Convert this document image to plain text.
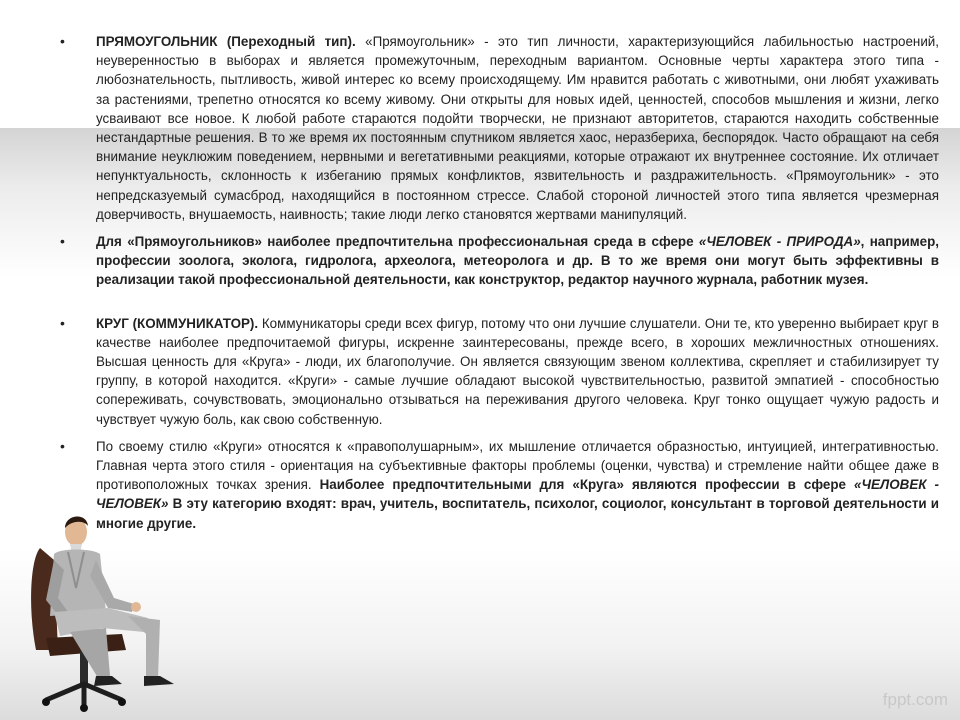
• ПРЯМОУГОЛЬНИК (Переходный тип). «Прямоугольник» - это тип личности, характеризующийся лабильностью настроений, неуверенностью в выборах и является промежуточным, переходным вариантом. Основные черты характера этого типа - любознательность, пытливость, живой интерес ко всему происходящему. Им нравится работать с животными, они любят ухаживать за растениями, трепетно относятся ко всему живому. Они открыты для новых идей, ценностей, способов мышления и жизни, легко усваивают все новое. К любой работе стараются подойти творчески, не признают авторитетов, стараются находить собственные нестандартные решения. В то же время их постоянным спутником является хаос, неразбериха, беспорядок. Часто обращают на себя внимание неуклюжим поведением, нервными и вегетативными реакциями, которые отражают их внутреннее состояние. Их отличает непунктуальность, склонность к избеганию прямых конфликтов, язвительность и раздражительность. «Прямоугольник» - это непредсказуемый сумасброд, находящийся в постоянном стрессе. Слабой стороной личностей этого типа является чрезмерная доверчивость, внушаемость, наивность; такие люди легко становятся жертвами манипуляций.

• Для «Прямоугольников» наиболее предпочтительна профессиональная среда в сфере «ЧЕЛОВЕК - ПРИРОДА», например, профессии зоолога, эколога, гидролога, археолога, метеоролога и др. В то же время они могут быть эффективны в реализации такой профессиональной деятельности, как конструктор, редактор научного журнала, работник музея.

• КРУГ (КОММУНИКАТОР). Коммуникаторы среди всех фигур, потому что они лучшие слушатели. Они те, кто уверенно выбирает круг в качестве наиболее предпочитаемой фигуры, искренне заинтересованы, прежде всего, в хороших межличностных отношениях. Высшая ценность для «Круга» - люди, их благополучие. Он является связующим звеном коллектива, скрепляет и стабилизирует ту группу, в которой находится. «Круги» - самые лучшие обладают высокой чувствительностью, развитой эмпатией - способностью сопереживать, сочувствовать, эмоционально отзываться на переживания другого человека. Круг тонко ощущает чужую радость и чувствует чужую боль, как свою собственную.

• По своему стилю «Круги» относятся к «правополушарным», их мышление отличается образностью, интуицией, интегративностью. Главная черта этого стиля - ориентация на субъективные факторы проблемы (оценки, чувства) и стремление найти общее даже в противоположных точках зрения. Наиболее предпочтительными для «Круга» являются профессии в сфере «ЧЕЛОВЕК - ЧЕЛОВЕК» В эту категорию входят: врач, учитель, воспитатель, психолог, социолог, консультант в торговой деятельности и многие другие.

fppt.com
